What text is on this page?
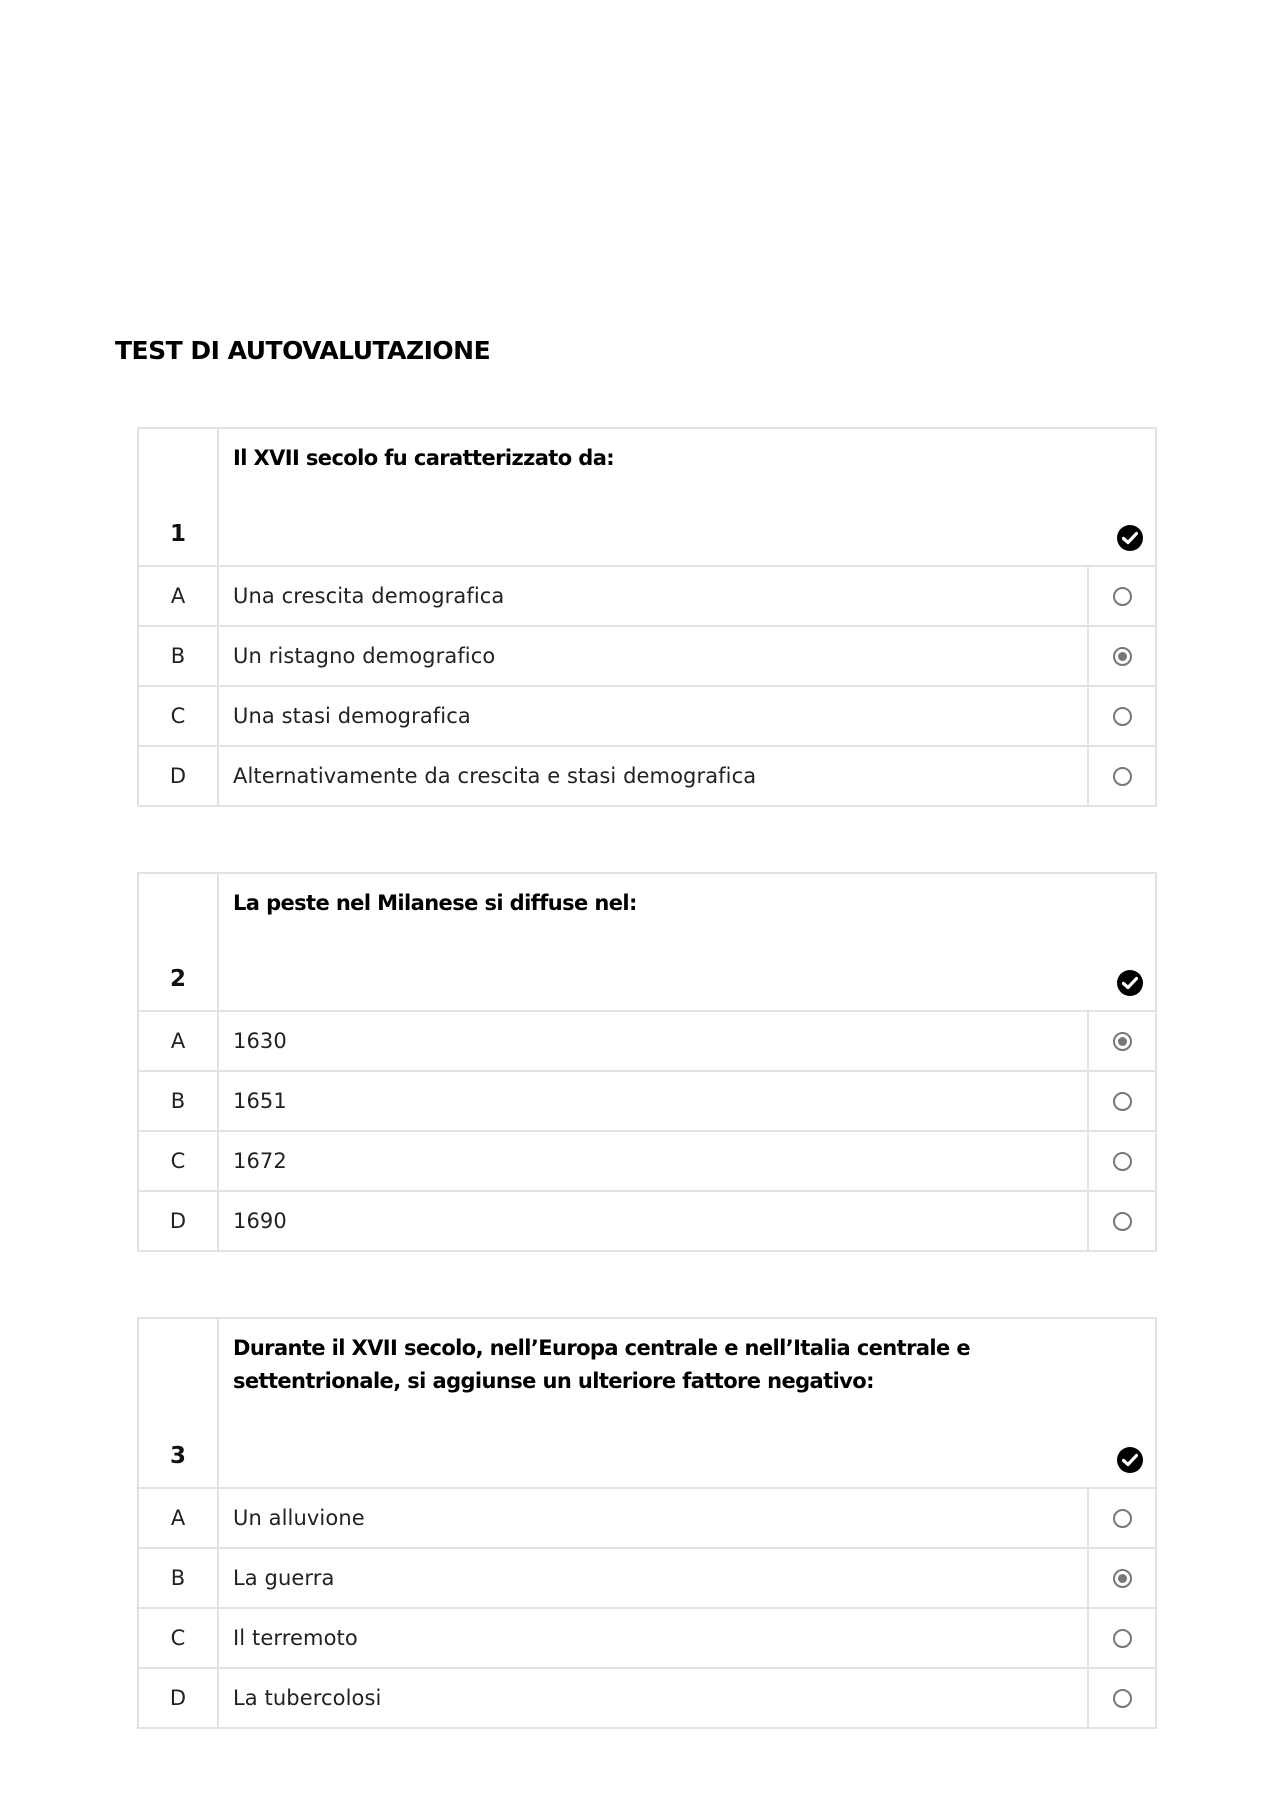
TEST DI AUTOVALUTAZIONE
1	Il XVII secolo fu caratterizzato da:	

A	Una crescita demografica	
B	Un ristagno demografico	
C	Una stasi demografica	
D	Alternativamente da crescita e stasi demografica	
2	La peste nel Milanese si diffuse nel:	

A	1630	
B	1651	
C	1672	
D	1690	
3	Durante il XVII secolo, nell’Europa centrale e nell’Italia centrale e settentrionale, si aggiunse un ulteriore fattore negativo:	

A	Un alluvione	
B	La guerra	
C	Il terremoto	
D	La tubercolosi	
